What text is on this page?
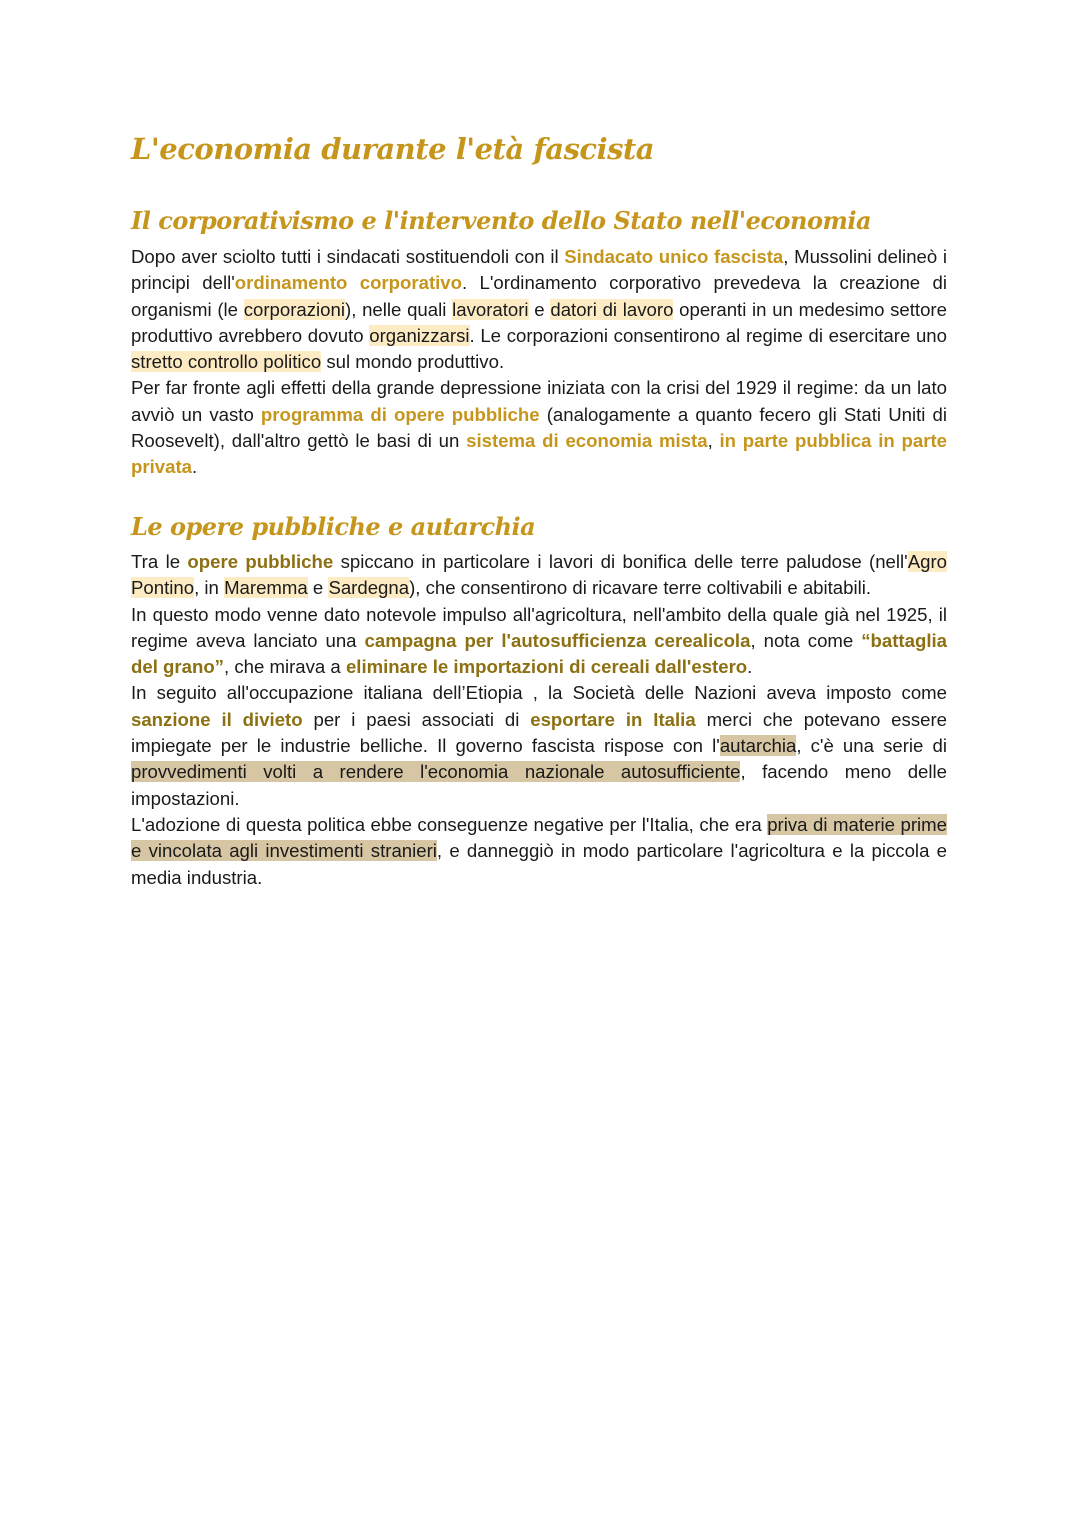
L'economia durante l'età fascista
Il corporativismo e l'intervento dello Stato nell'economia

Dopo aver sciolto tutti i sindacati sostituendoli con il Sindacato unico fascista, Mussolini delineò i principi dell'ordinamento corporativo. L'ordinamento corporativo prevedeva la creazione di organismi (le corporazioni), nelle quali lavoratori e datori di lavoro operanti in un medesimo settore produttivo avrebbero dovuto organizzarsi. Le corporazioni consentirono al regime di esercitare uno stretto controllo politico sul mondo produttivo.
Per far fronte agli effetti della grande depressione iniziata con la crisi del 1929 il regime: da un lato avviò un vasto programma di opere pubbliche (analogamente a quanto fecero gli Stati Uniti di Roosevelt), dall'altro gettò le basi di un sistema di economia mista, in parte pubblica in parte privata.

Le opere pubbliche e autarchia

Tra le opere pubbliche spiccano in particolare i lavori di bonifica delle terre paludose (nell'Agro Pontino, in Maremma e Sardegna), che consentirono di ricavare terre coltivabili e abitabili.
In questo modo venne dato notevole impulso all'agricoltura, nell'ambito della quale già nel 1925, il regime aveva lanciato una campagna per l'autosufficienza cerealicola, nota come “battaglia del grano”, che mirava a eliminare le importazioni di cereali dall'estero.
In seguito all'occupazione italiana dell’Etiopia , la Società delle Nazioni aveva imposto come sanzione il divieto per i paesi associati di esportare in Italia merci che potevano essere impiegate per le industrie belliche. Il governo fascista rispose con l'autarchia, c'è una serie di provvedimenti volti a rendere l'economia nazionale autosufficiente, facendo meno delle impostazioni.
L'adozione di questa politica ebbe conseguenze negative per l'Italia, che era priva di materie prime e vincolata agli investimenti stranieri, e danneggiò in modo particolare l'agricoltura e la piccola e media industria.
